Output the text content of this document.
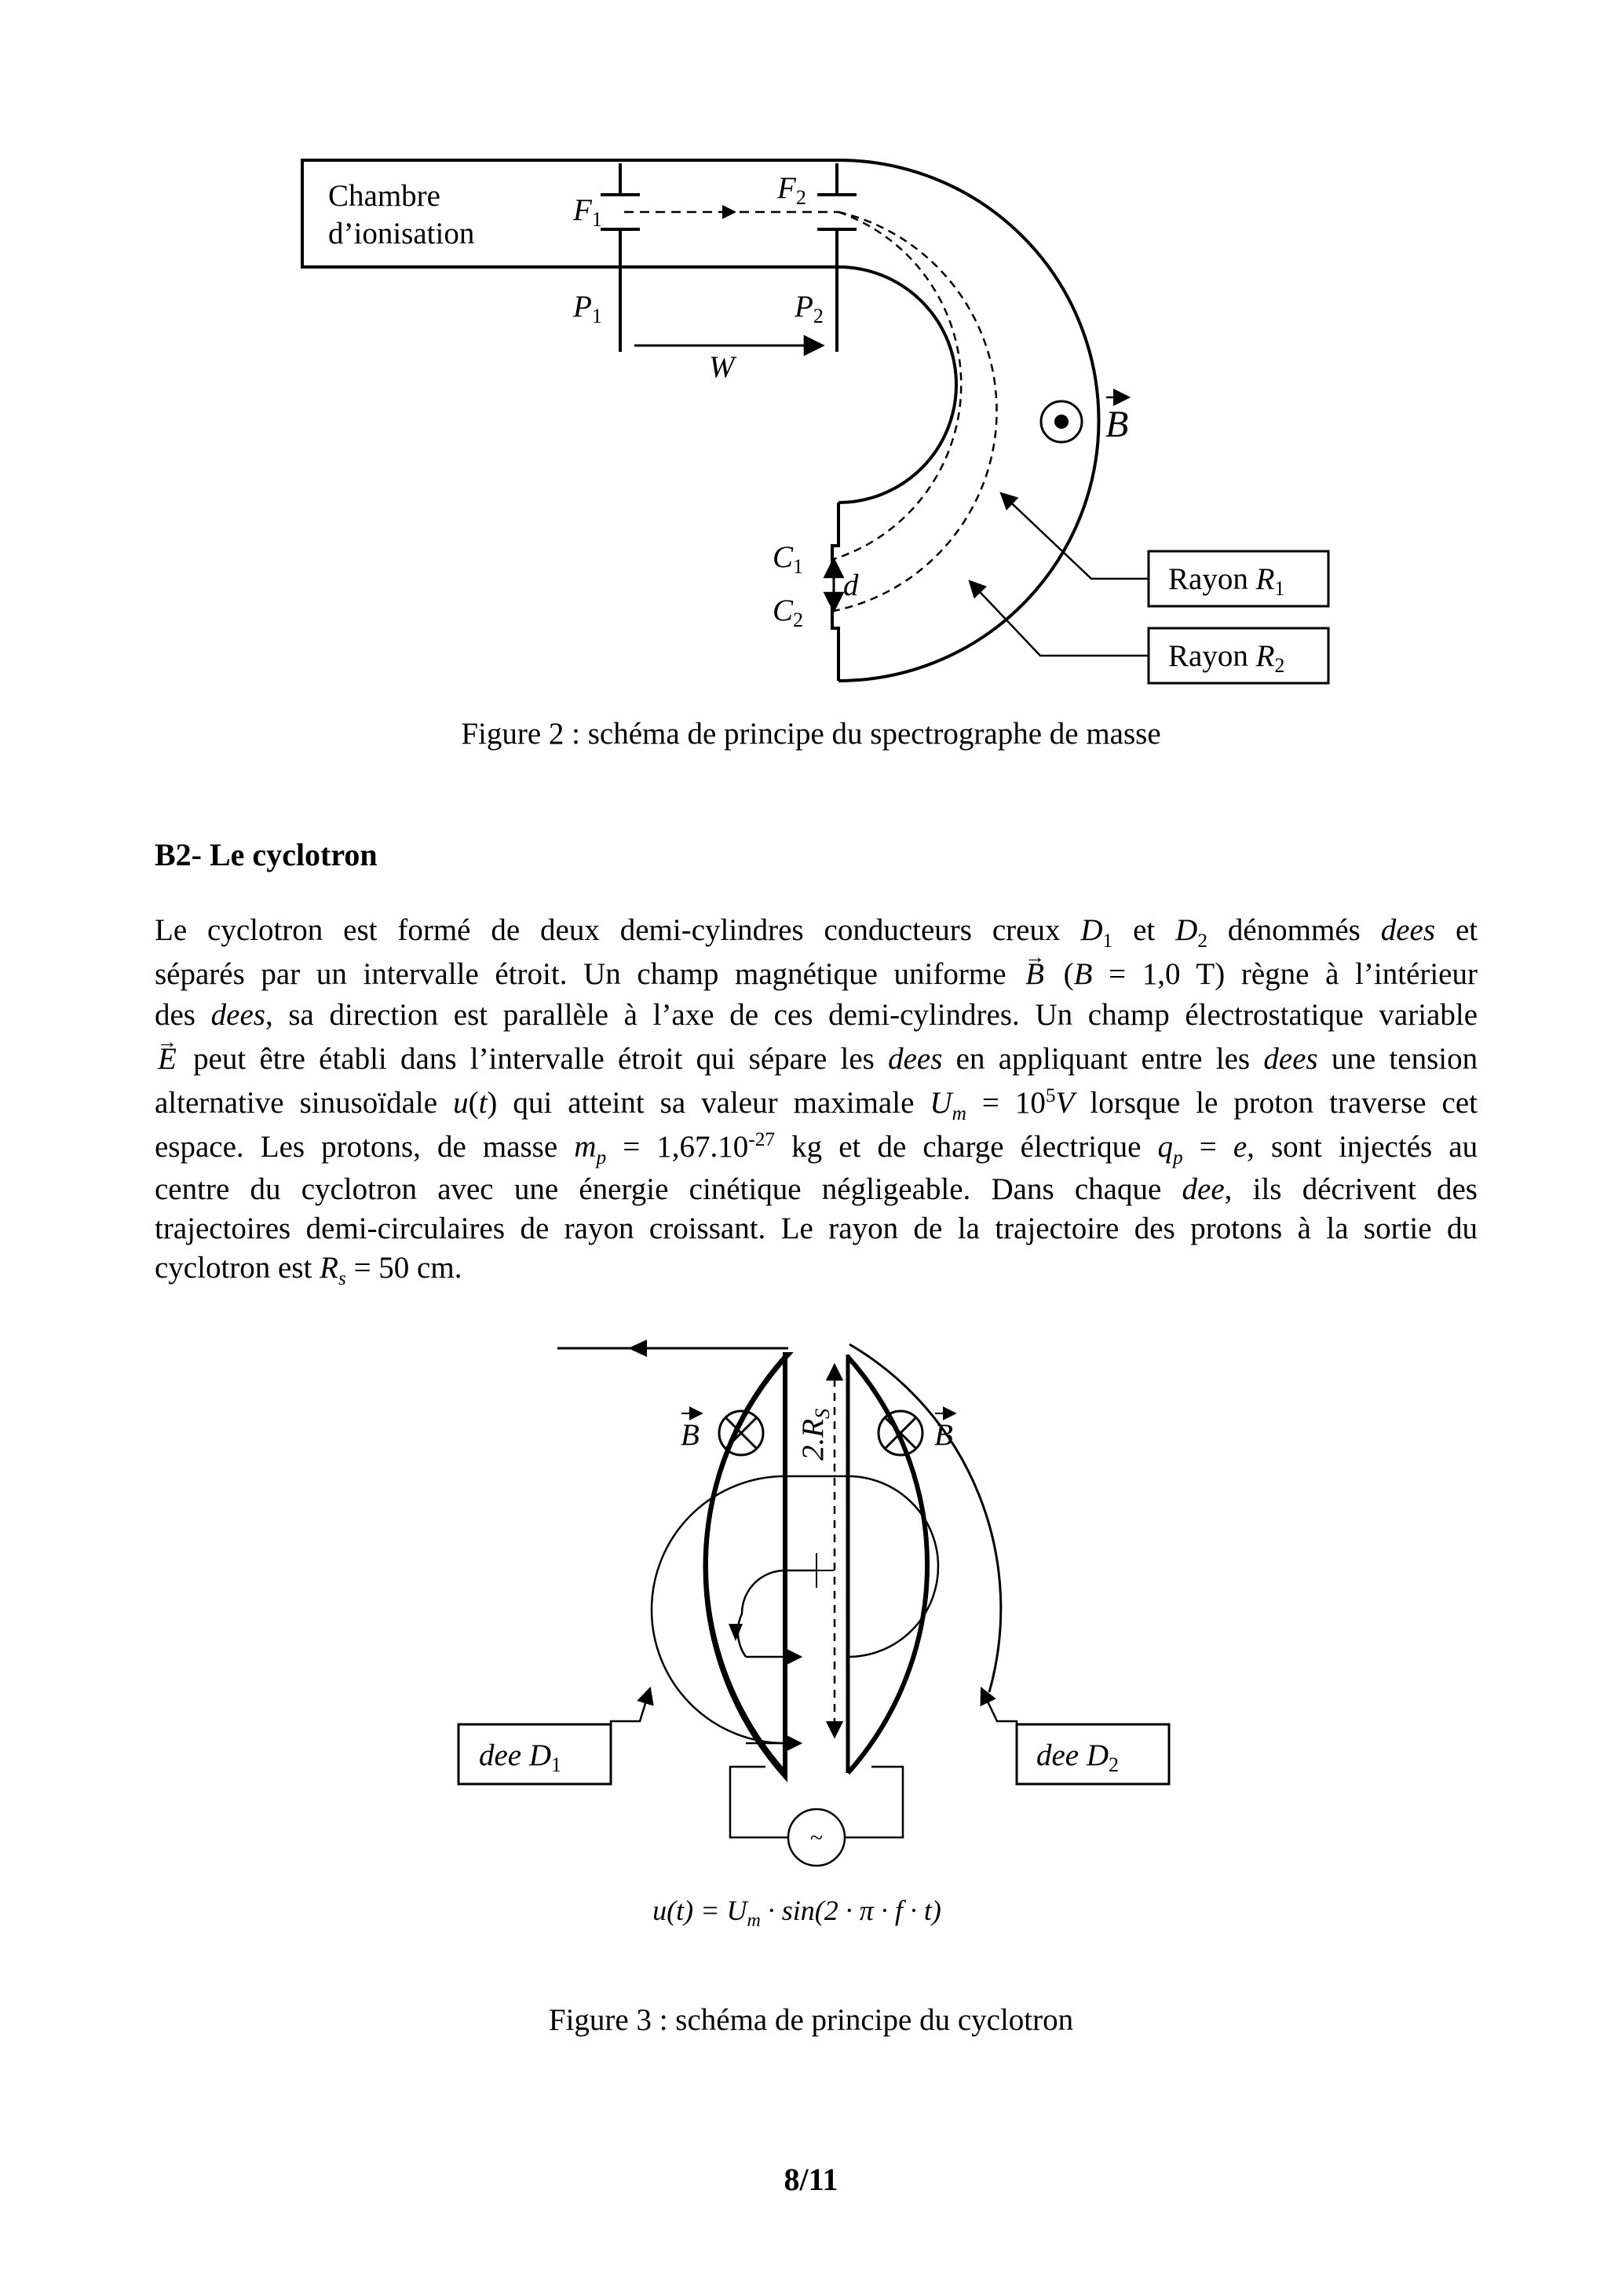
Chambre
d’ionisation
$F_1$
$F_2$
$P_1$	$P_2$
W
$C_1$
$C_2$
d
B
Rayon $R_1$
Rayon $R_2$
Figure 2 : schéma de principe du spectrographe de masse
B2- Le cyclotron
Le cyclotron est formé de deux demi-cylindres conducteurs creux $D_1$ et $D_2$ dénommés dees et
séparés par un intervalle étroit. Un champ magnétique uniforme → B (B = 1,0 T) règne à l’intérieur
des dees, sa direction est parallèle à l’axe de ces demi-cylindres. Un champ électrostatique variable
→ E peut être établi dans l’intervalle étroit qui sépare les dees en appliquant entre les dees une tension
alternative sinusoïdale u(t) qui atteint sa valeur maximale $U_m = 10^5V$ lorsque le proton traverse cet
espace. Les protons, de masse $m_p = 1,67.10^{-27}$ kg et de charge électrique $q_p = e$, sont injectés au
centre du cyclotron avec une énergie cinétique négligeable. Dans chaque dee, ils décrivent des
trajectoires demi-circulaires de rayon croissant. Le rayon de la trajectoire des protons à la sortie du
cyclotron est $R_s = 50$ cm.
$2.R_S$
B	B
dee $D_1$	dee $D_2$
~
$u(t) = U_m \cdot \sin(2 \cdot \pi \cdot f \cdot t)$
Figure 3 : schéma de principe du cyclotron
8/11
